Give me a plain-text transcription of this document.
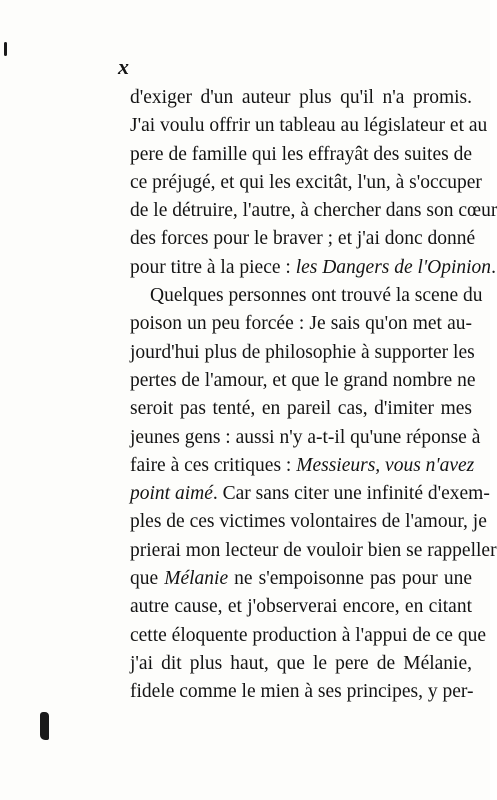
x
d'exiger d'un auteur plus qu'il n'a promis.
J'ai voulu offrir un tableau au législateur et au
pere de famille qui les effrayât des suites de
ce préjugé, et qui les excitât, l'un, à s'occuper
de le détruire, l'autre, à chercher dans son cœur
des forces pour le braver ; et j'ai donc donné
pour titre à la piece : les Dangers de l'Opinion.
Quelques personnes ont trouvé la scene du
poison un peu forcée : Je sais qu'on met au-
jourd'hui plus de philosophie à supporter les
pertes de l'amour, et que le grand nombre ne
seroit pas tenté, en pareil cas, d'imiter mes
jeunes gens : aussi n'y a-t-il qu'une réponse à
faire à ces critiques : Messieurs, vous n'avez
point aimé. Car sans citer une infinité d'exem-
ples de ces victimes volontaires de l'amour, je
prierai mon lecteur de vouloir bien se rappeller
que Mélanie ne s'empoisonne pas pour une
autre cause, et j'observerai encore, en citant
cette éloquente production à l'appui de ce que
j'ai dit plus haut, que le pere de Mélanie,
fidele comme le mien à ses principes, y per-
